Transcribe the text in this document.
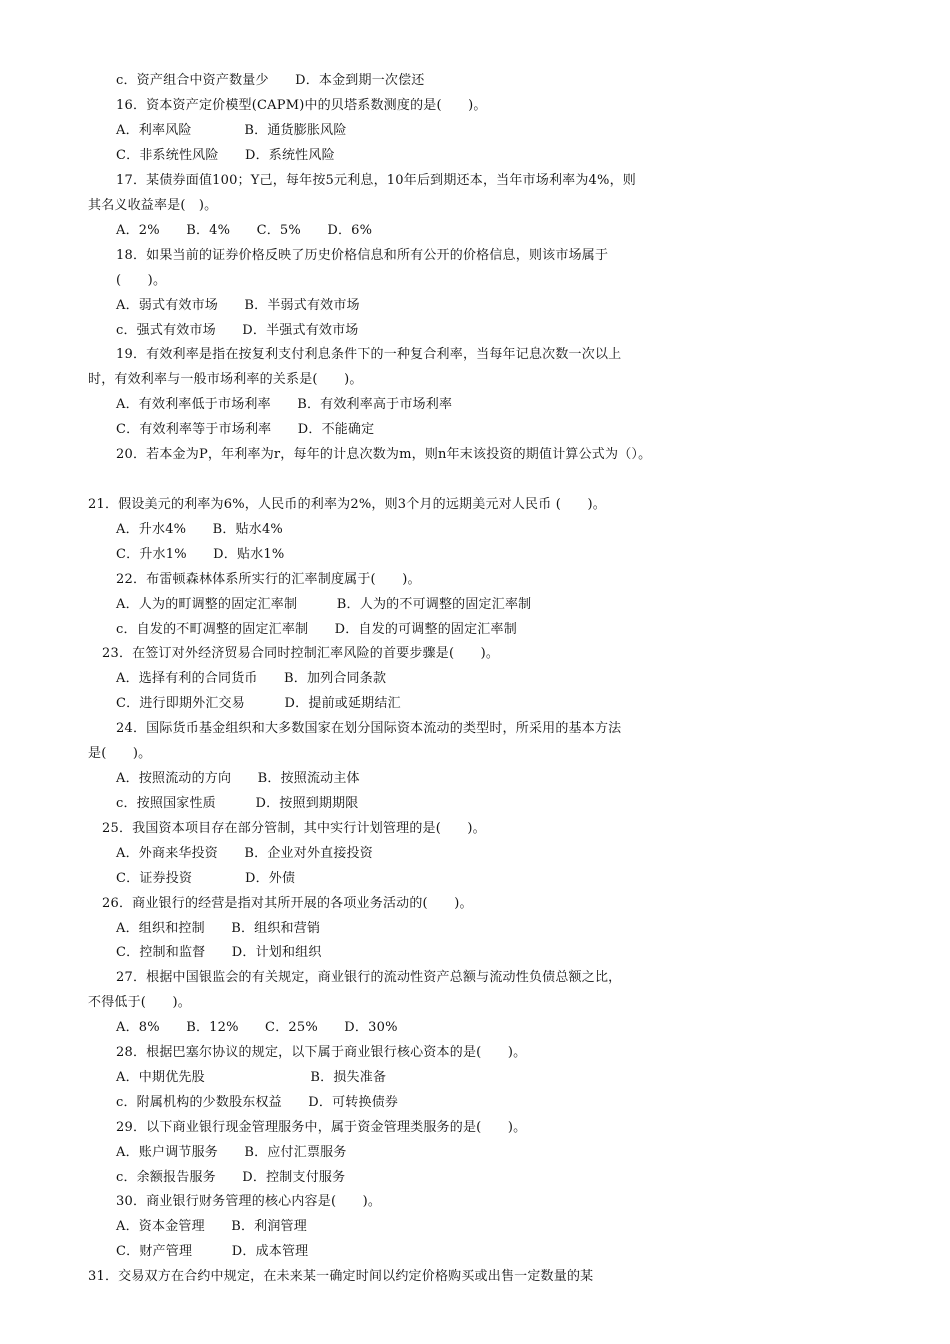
c．资产组合中资产数量少　　D．本金到期一次偿还
16．资本资产定价模型(CAPM)中的贝塔系数测度的是(　　)。
A．利率风险　　　　B．通货膨胀风险
C．非系统性风险　　D．系统性风险
17．某债券面值100；Y己，每年按5元利息，10年后到期还本，当年市场利率为4%，则
其名义收益率是(　)。
A．2%　　B．4%　　C．5%　　D．6%
18．如果当前的证券价格反映了历史价格信息和所有公开的价格信息，则该市场属于
(　　)。
A．弱式有效市场　　B．半弱式有效市场
c．强式有效市场　　D．半强式有效市场
19．有效利率是指在按复利支付利息条件下的一种复合利率，当每年记息次数一次以上
时，有效利率与一般市场利率的关系是(　　)。
A．有效利率低于市场利率　　B．有效利率高于市场利率
C．有效利率等于市场利率　　D．不能确定
20．若本金为P，年利率为r，每年的计息次数为m，则n年末该投资的期值计算公式为（）。
21．假设美元的利率为6%，人民币的利率为2%，则3个月的远期美元对人民币 (　　)。
A．升水4%　　B．贴水4%
C．升水1%　　D．贴水1%
22．布雷顿森林体系所实行的汇率制度属于(　　)。
A．人为的町调整的固定汇率制　　　B．人为的不可调整的固定汇率制
c．自发的不町凋整的固定汇率制　　D．自发的可调整的固定汇率制
23．在签订对外经济贸易合同时控制汇率风险的首要步骤是(　　)。
A．选择有利的合同货币　　B．加列合同条款
C．进行即期外汇交易　　　D．提前或延期结汇
24．国际货币基金组织和大多数国家在划分国际资本流动的类型时，所采用的基本方法
是(　　)。
A．按照流动的方向　　B．按照流动主体
c．按照国家性质　　　D．按照到期期限
25．我国资本项目存在部分管制，其中实行计划管理的是(　　)。
A．外商来华投资　　B．企业对外直接投资
C．证券投资　　　　D．外债
26．商业银行的经营是指对其所开展的各项业务活动的(　　)。
A．组织和控制　　B．组织和营销
C．控制和监督　　D．计划和组织
27．根据中国银监会的有关规定，商业银行的流动性资产总额与流动性负债总额之比，
不得低于(　　)。
A．8%　　B．12%　　C．25%　　D．30%
28．根据巴塞尔协议的规定，以下属于商业银行核心资本的是(　　)。
A．中期优先股　　　　　　　　B．损失准备
c．附属机构的少数股东权益　　D．可转换债券
29．以下商业银行现金管理服务中，属于资金管理类服务的是(　　)。
A．账户调节服务　　B．应付汇票服务
c．余额报告服务　　D．控制支付服务
30．商业银行财务管理的核心内容是(　　)。
A．资本金管理　　B．利润管理
C．财产管理　　　D．成本管理
31．交易双方在合约中规定，在未来某一确定时间以约定价格购买或出售一定数量的某
